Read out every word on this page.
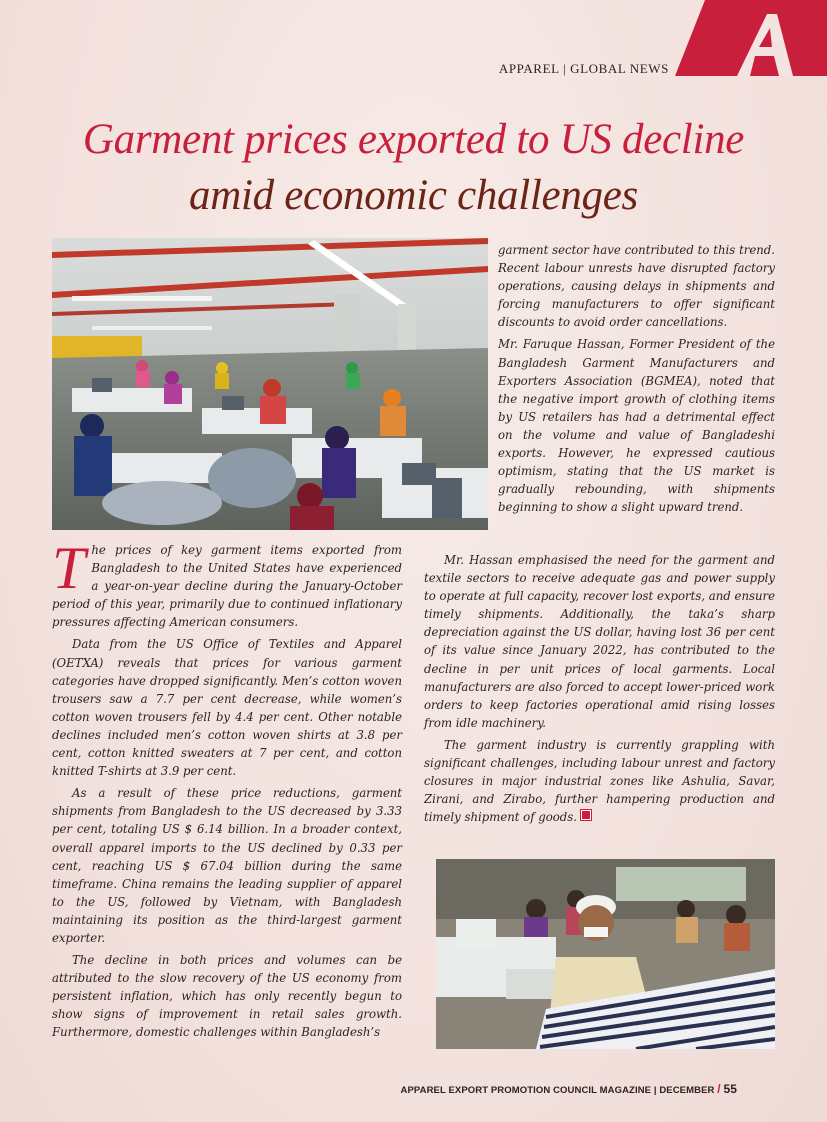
APPAREL | GLOBAL NEWS
Garment prices exported to US decline
amid economic challenges

garment sector have contributed to this trend. Recent labour unrests have disrupted factory operations, causing delays in shipments and forcing manufacturers to offer significant discounts to avoid order cancellations.

Mr. Faruque Hassan, Former President of the Bangladesh Garment Manufacturers and Exporters Association (BGMEA), noted that the negative import growth of clothing items by US retailers has had a detrimental effect on the volume and value of Bangladeshi exports. However, he expressed cautious optimism, stating that the US market is gradually rebounding, with shipments beginning to show a slight upward trend.

T he prices of key garment items exported from Bangladesh to the United States have experienced a year-on-year decline during the January-October period of this year, primarily due to continued inflationary pressures affecting American consumers.

Data from the US Office of Textiles and Apparel (OETXA) reveals that prices for various garment categories have dropped significantly. Men’s cotton woven trousers saw a 7.7 per cent decrease, while women’s cotton woven trousers fell by 4.4 per cent. Other notable declines included men’s cotton woven shirts at 3.8 per cent, cotton knitted sweaters at 7 per cent, and cotton knitted T-shirts at 3.9 per cent.

As a result of these price reductions, garment shipments from Bangladesh to the US decreased by 3.33 per cent, totaling US $ 6.14 billion. In a broader context, overall apparel imports to the US declined by 0.33 per cent, reaching US $ 67.04 billion during the same timeframe. China remains the leading supplier of apparel to the US, followed by Vietnam, with Bangladesh maintaining its position as the third-largest garment exporter.

The decline in both prices and volumes can be attributed to the slow recovery of the US economy from persistent inflation, which has only recently begun to show signs of improvement in retail sales growth. Furthermore, domestic challenges within Bangladesh’s

Mr. Hassan emphasised the need for the garment and textile sectors to receive adequate gas and power supply to operate at full capacity, recover lost exports, and ensure timely shipments. Additionally, the taka’s sharp depreciation against the US dollar, having lost 36 per cent of its value since January 2022, has contributed to the decline in per unit prices of local garments. Local manufacturers are also forced to accept lower-priced work orders to keep factories operational amid rising losses from idle machinery.

The garment industry is currently grappling with significant challenges, including labour unrest and factory closures in major industrial zones like Ashulia, Savar, Zirani, and Zirabo, further hampering production and timely shipment of goods.

APPAREL EXPORT PROMOTION COUNCIL MAGAZINE | DECEMBER / 55
